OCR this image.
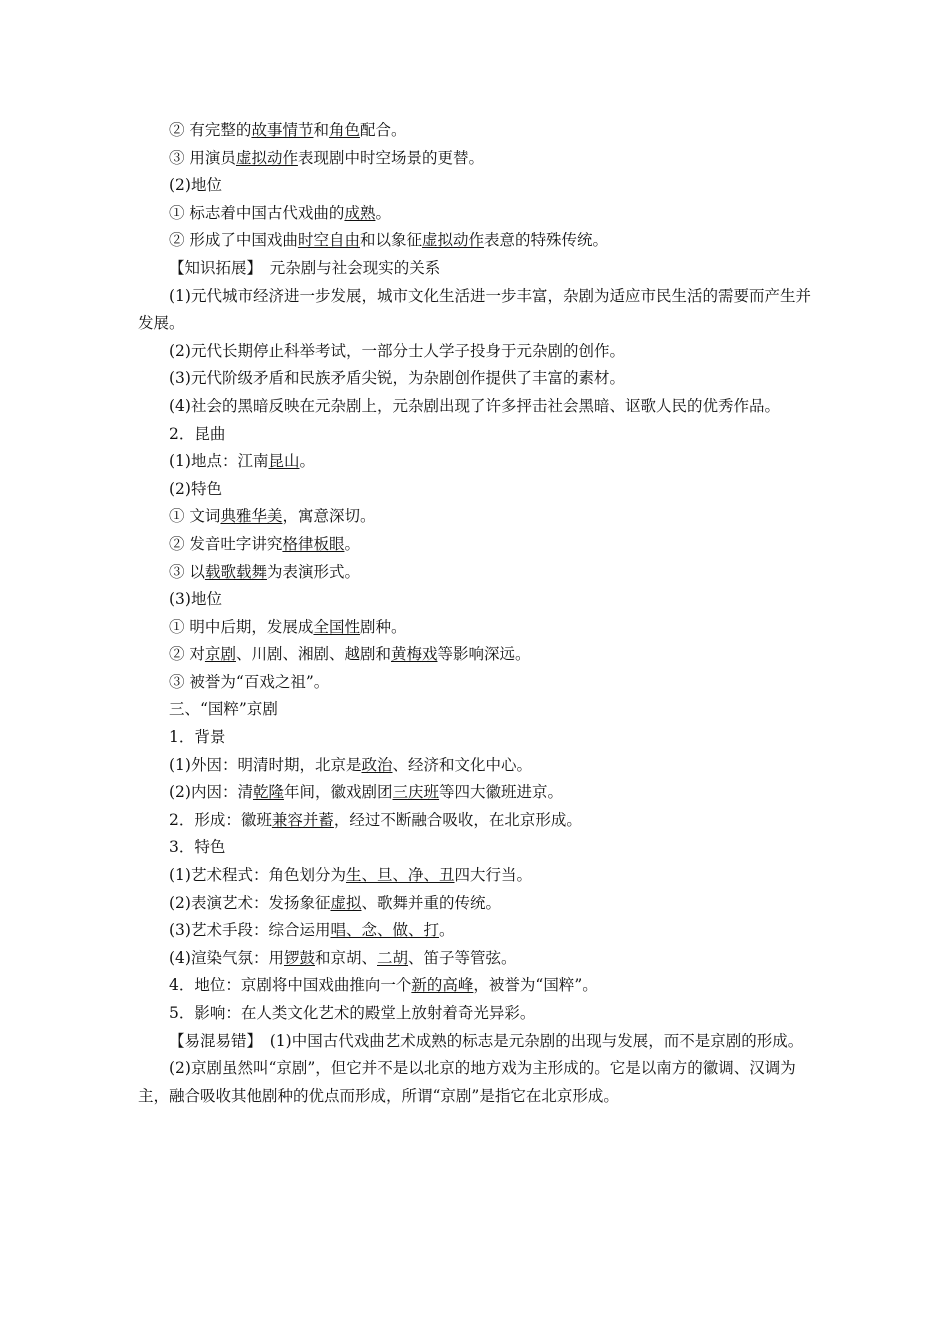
② 有完整的故事情节和角色配合。
③ 用演员虚拟动作表现剧中时空场景的更替。
(2)地位
① 标志着中国古代戏曲的成熟。
② 形成了中国戏曲时空自由和以象征虚拟动作表意的特殊传统。
【知识拓展】　元杂剧与社会现实的关系
(1)元代城市经济进一步发展，城市文化生活进一步丰富，杂剧为适应市民生活的需要而产生并发展。
(2)元代长期停止科举考试，一部分士人学子投身于元杂剧的创作。
(3)元代阶级矛盾和民族矛盾尖锐，为杂剧创作提供了丰富的素材。
(4)社会的黑暗反映在元杂剧上，元杂剧出现了许多抨击社会黑暗、讴歌人民的优秀作品。
2．昆曲
(1)地点：江南昆山。
(2)特色
① 文词典雅华美，寓意深切。
② 发音吐字讲究格律板眼。
③ 以载歌载舞为表演形式。
(3)地位
① 明中后期，发展成全国性剧种。
② 对京剧、川剧、湘剧、越剧和黄梅戏等影响深远。
③ 被誉为“百戏之祖”。
三、“国粹”京剧
1．背景
(1)外因：明清时期，北京是政治、经济和文化中心。
(2)内因：清乾隆年间，徽戏剧团三庆班等四大徽班进京。
2．形成：徽班兼容并蓄，经过不断融合吸收，在北京形成。
3．特色
(1)艺术程式：角色划分为生、旦、净、丑四大行当。
(2)表演艺术：发扬象征虚拟、歌舞并重的传统。
(3)艺术手段：综合运用唱、念、做、打。
(4)渲染气氛：用锣鼓和京胡、二胡、笛子等管弦。
4．地位：京剧将中国戏曲推向一个新的高峰，被誉为“国粹”。
5．影响：在人类文化艺术的殿堂上放射着奇光异彩。
【易混易错】　(1)中国古代戏曲艺术成熟的标志是元杂剧的出现与发展，而不是京剧的形成。
(2)京剧虽然叫“京剧”，但它并不是以北京的地方戏为主形成的。它是以南方的徽调、汉调为主，融合吸收其他剧种的优点而形成，所谓“京剧”是指它在北京形成。
